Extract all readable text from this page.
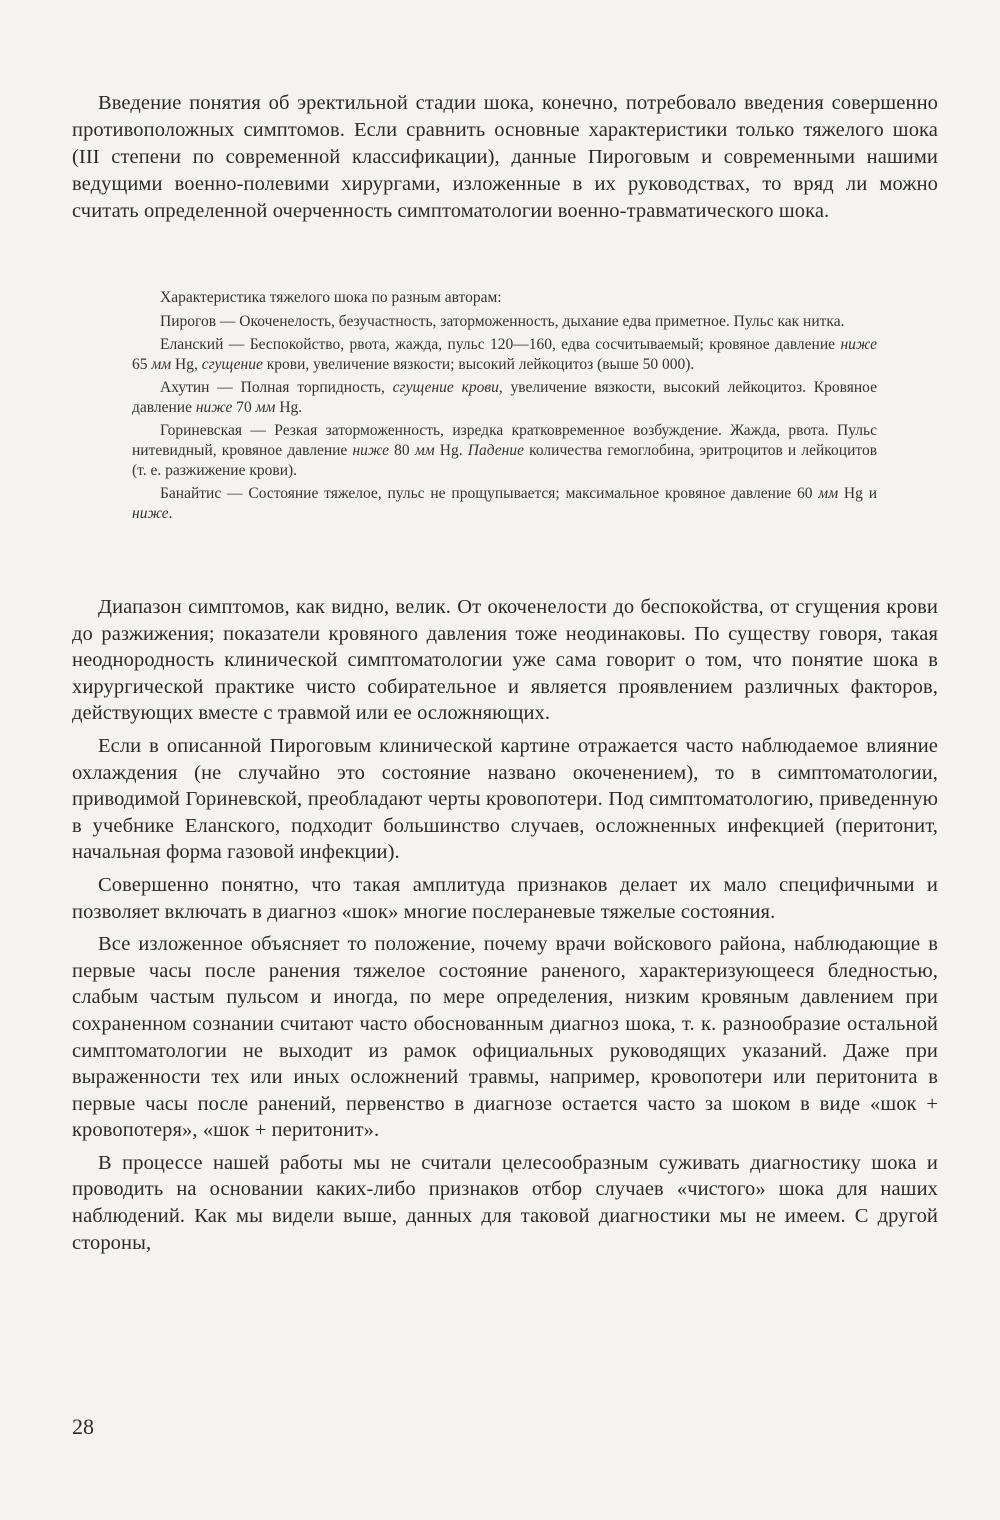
Введение понятия об эректильной стадии шока, конечно, потребовало введения совершенно противоположных симптомов. Если сравнить основные характеристики только тяжелого шока (III степени по современной классификации), данные Пироговым и современными нашими ведущими военно-полевими хирургами, изложенные в их руководствах, то вряд ли можно считать определенной очерченность симптоматологии военно-травматического шока.

Характеристика тяжелого шока по разным авторам:

Пирогов — Окоченелость, безучастность, заторможенность, дыхание едва приметное. Пульс как нитка.

Еланский — Беспокойство, рвота, жажда, пульс 120—160, едва сосчитываемый; кровяное давление ниже 65 мм Hg, сгущение крови, увеличение вязкости; высокий лейкоцитоз (выше 50 000).

Ахутин — Полная торпидность, сгущение крови, увеличение вязкости, высокий лейкоцитоз. Кровяное давление ниже 70 мм Hg.

Гориневская — Резкая заторможенность, изредка кратковременное возбуждение. Жажда, рвота. Пульс нитевидный, кровяное давление ниже 80 мм Hg. Падение количества гемоглобина, эритроцитов и лейкоцитов (т. е. разжижение крови).

Банайтис — Состояние тяжелое, пульс не прощупывается; максимальное кровяное давление 60 мм Hg и ниже.

Диапазон симптомов, как видно, велик. От окоченелости до беспокойства, от сгущения крови до разжижения; показатели кровяного давления тоже неодинаковы. По существу говоря, такая неоднородность клинической симптоматологии уже сама говорит о том, что понятие шока в хирургической практике чисто собирательное и является проявлением различных факторов, действующих вместе с травмой или ее осложняющих.

Если в описанной Пироговым клинической картине отражается часто наблюдаемое влияние охлаждения (не случайно это состояние названо окоченением), то в симптоматологии, приводимой Гориневской, преобладают черты кровопотери. Под симптоматологию, приведенную в учебнике Еланского, подходит большинство случаев, осложненных инфекцией (перитонит, начальная форма газовой инфекции).

Совершенно понятно, что такая амплитуда признаков делает их мало специфичными и позволяет включать в диагноз «шок» многие послераневые тяжелые состояния.

Все изложенное объясняет то положение, почему врачи войскового района, наблюдающие в первые часы после ранения тяжелое состояние раненого, характеризующееся бледностью, слабым частым пульсом и иногда, по мере определения, низким кровяным давлением при сохраненном сознании считают часто обоснованным диагноз шока, т. к. разнообразие остальной симптоматологии не выходит из рамок официальных руководящих указаний. Даже при выраженности тех или иных осложнений травмы, например, кровопотери или перитонита в первые часы после ранений, первенство в диагнозе остается часто за шоком в виде «шок + кровопотеря», «шок + перитонит».

В процессе нашей работы мы не считали целесообразным суживать диагностику шока и проводить на основании каких-либо признаков отбор случаев «чистого» шока для наших наблюдений. Как мы видели выше, данных для таковой диагностики мы не имеем. С другой стороны,

28
